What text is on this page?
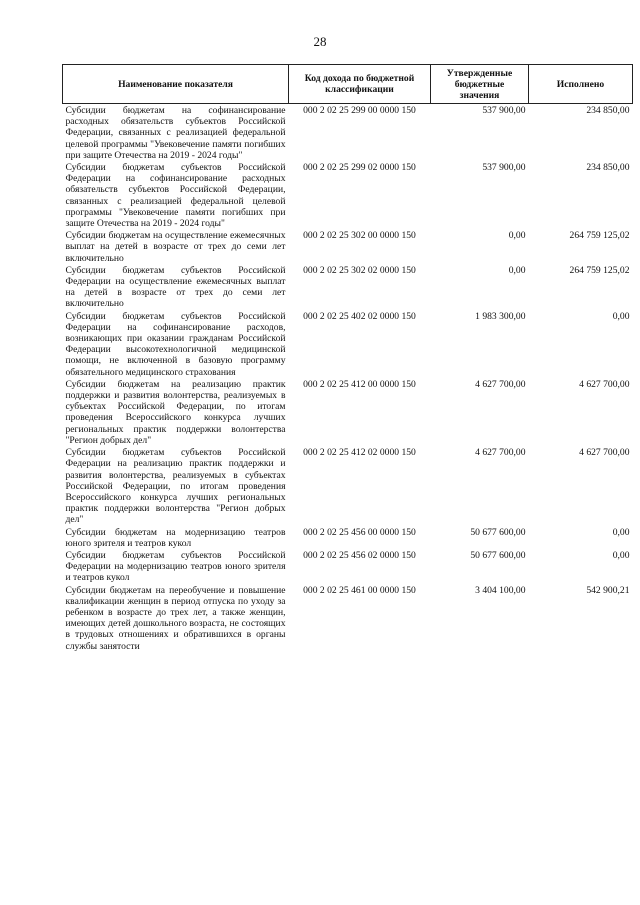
28
Наименование показателя	Код дохода по бюджетной классификации	Утвержденные бюджетные значения	Исполнено
Субсидии бюджетам на софинансирование расходных обязательств субъектов Российской Федерации, связанных с реализацией федеральной целевой программы "Увековечение памяти погибших при защите Отечества на 2019 - 2024 годы"	000 2 02 25 299 00 0000 150	537 900,00	234 850,00
Субсидии бюджетам субъектов Российской Федерации на софинансирование расходных обязательств субъектов Российской Федерации, связанных с реализацией федеральной целевой программы "Увековечение памяти погибших при защите Отечества на 2019 - 2024 годы"	000 2 02 25 299 02 0000 150	537 900,00	234 850,00
Субсидии бюджетам на осуществление ежемесячных выплат на детей в возрасте от трех до семи лет включительно	000 2 02 25 302 00 0000 150	0,00	264 759 125,02
Субсидии бюджетам субъектов Российской Федерации на осуществление ежемесячных выплат на детей в возрасте от трех до семи лет включительно	000 2 02 25 302 02 0000 150	0,00	264 759 125,02
Субсидии бюджетам субъектов Российской Федерации на софинансирование расходов, возникающих при оказании гражданам Российской Федерации высокотехнологичной медицинской помощи, не включенной в базовую программу обязательного медицинского страхования	000 2 02 25 402 02 0000 150	1 983 300,00	0,00
Субсидии бюджетам на реализацию практик поддержки и развития волонтерства, реализуемых в субъектах Российской Федерации, по итогам проведения Всероссийского конкурса лучших региональных практик поддержки волонтерства "Регион добрых дел"	000 2 02 25 412 00 0000 150	4 627 700,00	4 627 700,00
Субсидии бюджетам субъектов Российской Федерации на реализацию практик поддержки и развития волонтерства, реализуемых в субъектах Российской Федерации, по итогам проведения Всероссийского конкурса лучших региональных практик поддержки волонтерства "Регион добрых дел"	000 2 02 25 412 02 0000 150	4 627 700,00	4 627 700,00
Субсидии бюджетам на модернизацию театров юного зрителя и театров кукол	000 2 02 25 456 00 0000 150	50 677 600,00	0,00
Субсидии бюджетам субъектов Российской Федерации на модернизацию театров юного зрителя и театров кукол	000 2 02 25 456 02 0000 150	50 677 600,00	0,00
Субсидии бюджетам на переобучение и повышение квалификации женщин в период отпуска по уходу за ребенком в возрасте до трех лет, а также женщин, имеющих детей дошкольного возраста, не состоящих в трудовых отношениях и обратившихся в органы службы занятости	000 2 02 25 461 00 0000 150	3 404 100,00	542 900,21
